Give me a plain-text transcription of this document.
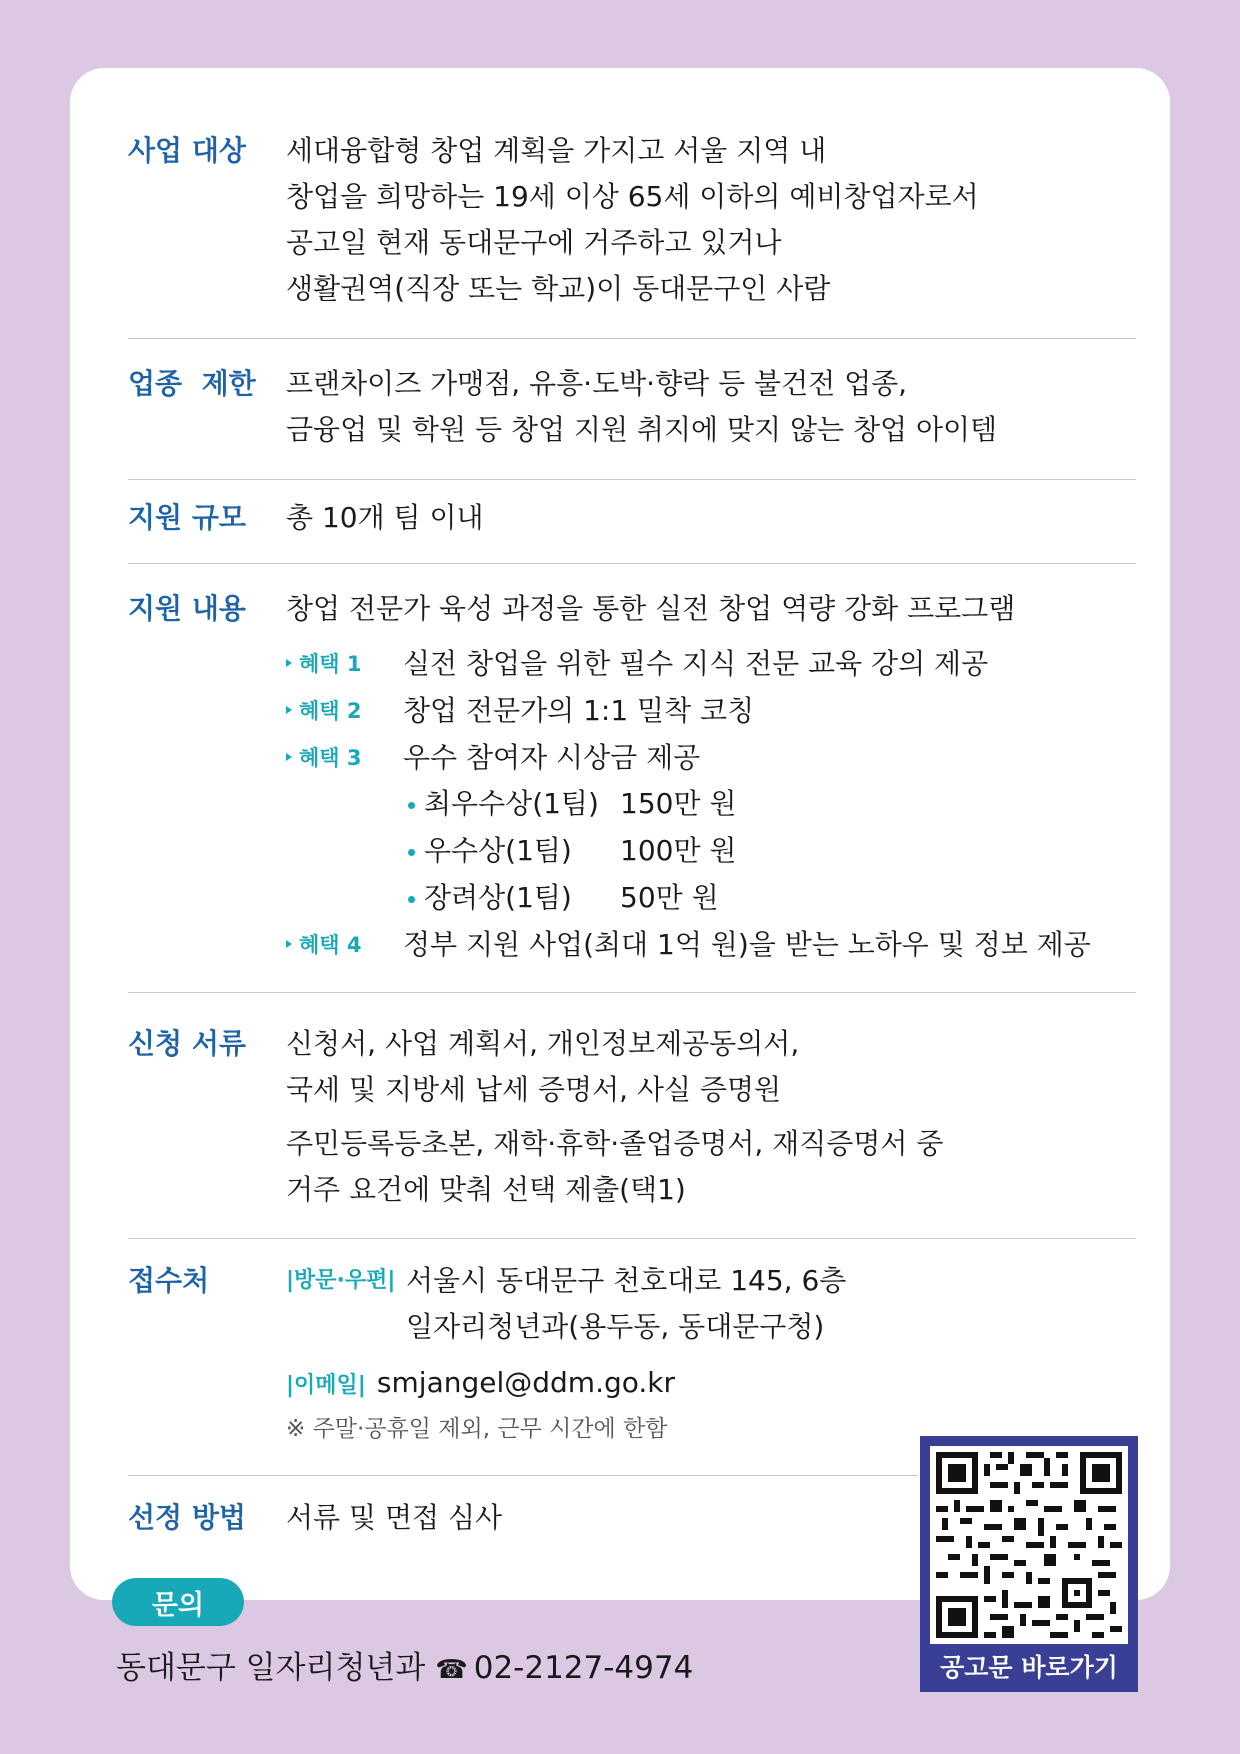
사업 대상 세대융합형 창업 계획을 가지고 서울 지역 내
창업을 희망하는 19세 이상 65세 이하의 예비창업자로서
공고일 현재 동대문구에 거주하고 있거나
생활권역(직장 또는 학교)이 동대문구인 사람
업종  제한 프랜차이즈 가맹점, 유흥·도박·향락 등 불건전 업종,
금융업 및 학원 등 창업 지원 취지에 맞지 않는 창업 아이템
지원 규모 총 10개 팀 이내
지원 내용 창업 전문가 육성 과정을 통한 실전 창업 역량 강화 프로그램
혜택 1 실전 창업을 위한 필수 지식 전문 교육 강의 제공
혜택 2 창업 전문가의 1:1 밀착 코칭
혜택 3 우수 참여자 시상금 제공
최우수상(1팀) 150만 원
우수상(1팀) 100만 원
장려상(1팀) 50만 원
혜택 4 정부 지원 사업(최대 1억 원)을 받는 노하우 및 정보 제공
신청 서류 신청서, 사업 계획서, 개인정보제공동의서,
국세 및 지방세 납세 증명서, 사실 증명원
주민등록등초본, 재학·휴학·졸업증명서, 재직증명서 중
거주 요건에 맞춰 선택 제출(택1)
접수처	|방문·우편| 서울시 동대문구 천호대로 145, 6층
일자리청년과(용두동, 동대문구청)
|이메일| smjangel@ddm.go.kr
※ 주말·공휴일 제외, 근무 시간에 한함
선정 방법 서류 및 면접 심사
문의
동대문구 일자리청년과 ☎ 02-2127-4974	공고문 바로가기
